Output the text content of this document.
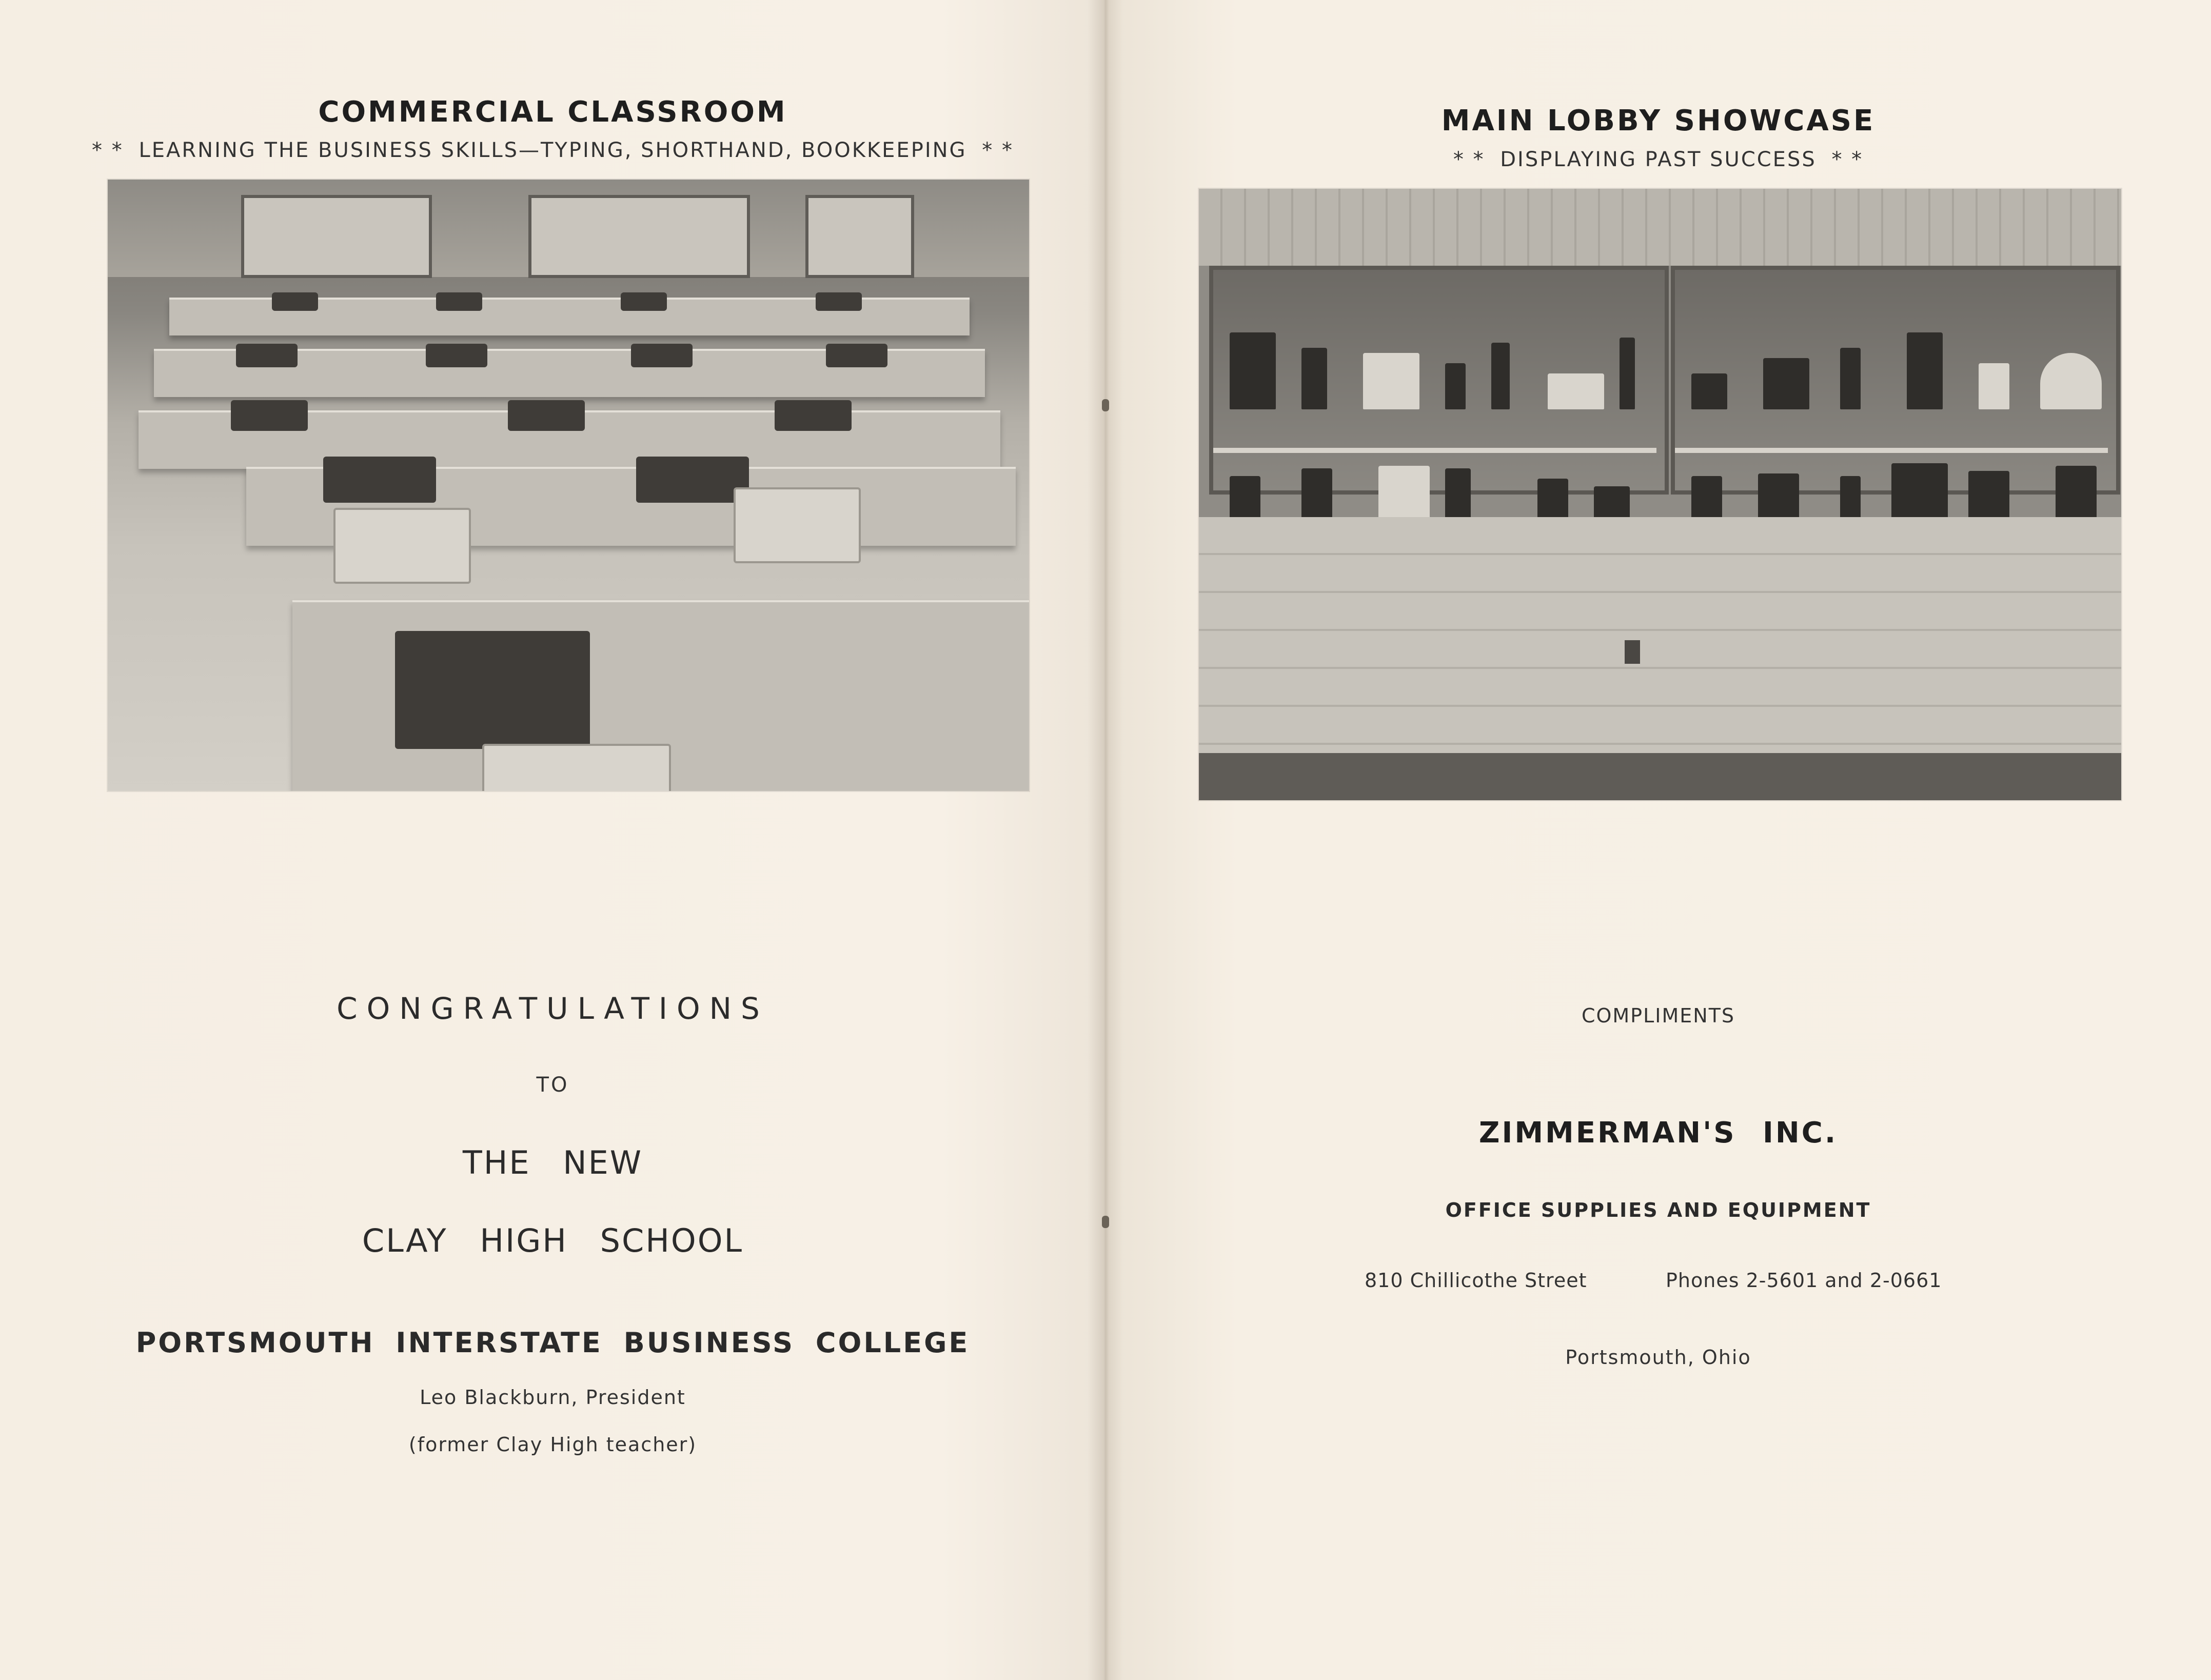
COMMERCIAL CLASSROOM
* * LEARNING THE BUSINESS SKILLS—TYPING, SHORTHAND, BOOKKEEPING * *
CONGRATULATIONS
TO
THE NEW
CLAY HIGH SCHOOL
PORTSMOUTH INTERSTATE BUSINESS COLLEGE
Leo Blackburn, President
(former Clay High teacher)
MAIN LOBBY SHOWCASE
* * DISPLAYING PAST SUCCESS * *
COMPLIMENTS
ZIMMERMAN'S INC.
OFFICE SUPPLIES AND EQUIPMENT
810 Chillicothe Street	Phones 2-5601 and 2-0661
Portsmouth, Ohio
